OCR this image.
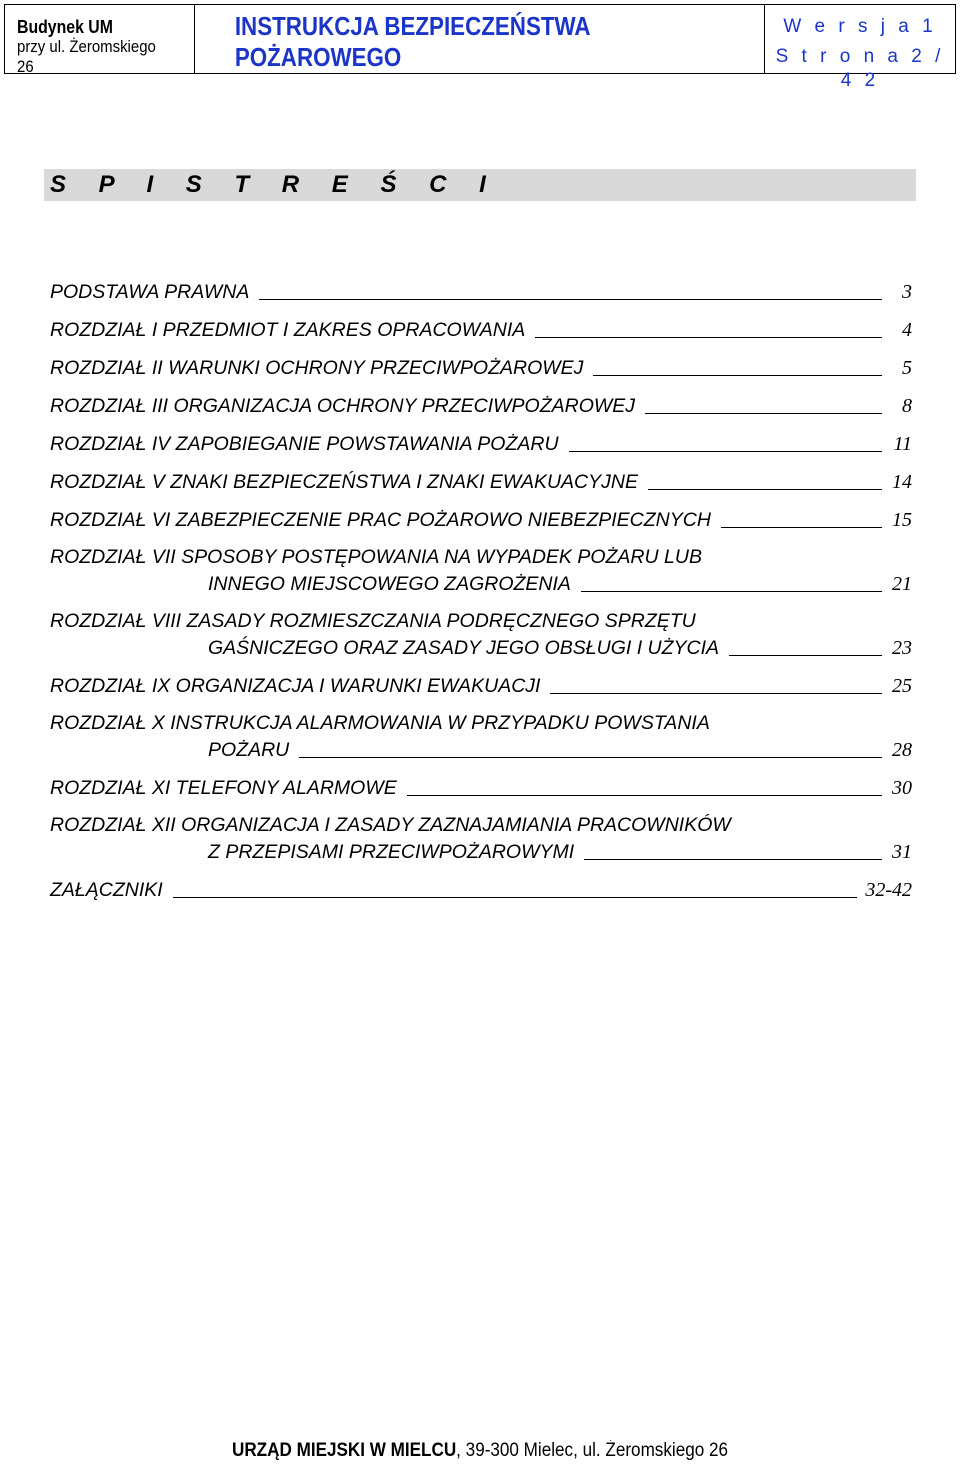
Budynek UM
przy ul. Żeromskiego 26
INSTRUKCJA BEZPIECZEŃSTWA POŻAROWEGO
W e r s j a 1
S t r o n a 2 / 4 2
S P I S T R E Ś C I
PODSTAWA PRAWNA	3
ROZDZIAŁ I PRZEDMIOT I ZAKRES OPRACOWANIA	4
ROZDZIAŁ II WARUNKI OCHRONY PRZECIWPOŻAROWEJ	5
ROZDZIAŁ III ORGANIZACJA OCHRONY PRZECIWPOŻAROWEJ	8
ROZDZIAŁ IV ZAPOBIEGANIE POWSTAWANIA POŻARU	11
ROZDZIAŁ V ZNAKI BEZPIECZEŃSTWA I ZNAKI EWAKUACYJNE	14
ROZDZIAŁ VI ZABEZPIECZENIE PRAC POŻAROWO NIEBEZPIECZNYCH	15
ROZDZIAŁ VII SPOSOBY POSTĘPOWANIA NA WYPADEK POŻARU LUB
INNEGO MIEJSCOWEGO ZAGROŻENIA	21
ROZDZIAŁ VIII ZASADY ROZMIESZCZANIA PODRĘCZNEGO SPRZĘTU
GAŚNICZEGO ORAZ ZASADY JEGO OBSŁUGI I UŻYCIA	23
ROZDZIAŁ IX ORGANIZACJA I WARUNKI EWAKUACJI	25
ROZDZIAŁ X INSTRUKCJA ALARMOWANIA W PRZYPADKU POWSTANIA
POŻARU	28
ROZDZIAŁ XI TELEFONY ALARMOWE	30
ROZDZIAŁ XII ORGANIZACJA I ZASADY ZAZNAJAMIANIA PRACOWNIKÓW
Z PRZEPISAMI PRZECIWPOŻAROWYMI	31
ZAŁĄCZNIKI	32-42
URZĄD MIEJSKI W MIELCU, 39-300 Mielec, ul. Żeromskiego 26
